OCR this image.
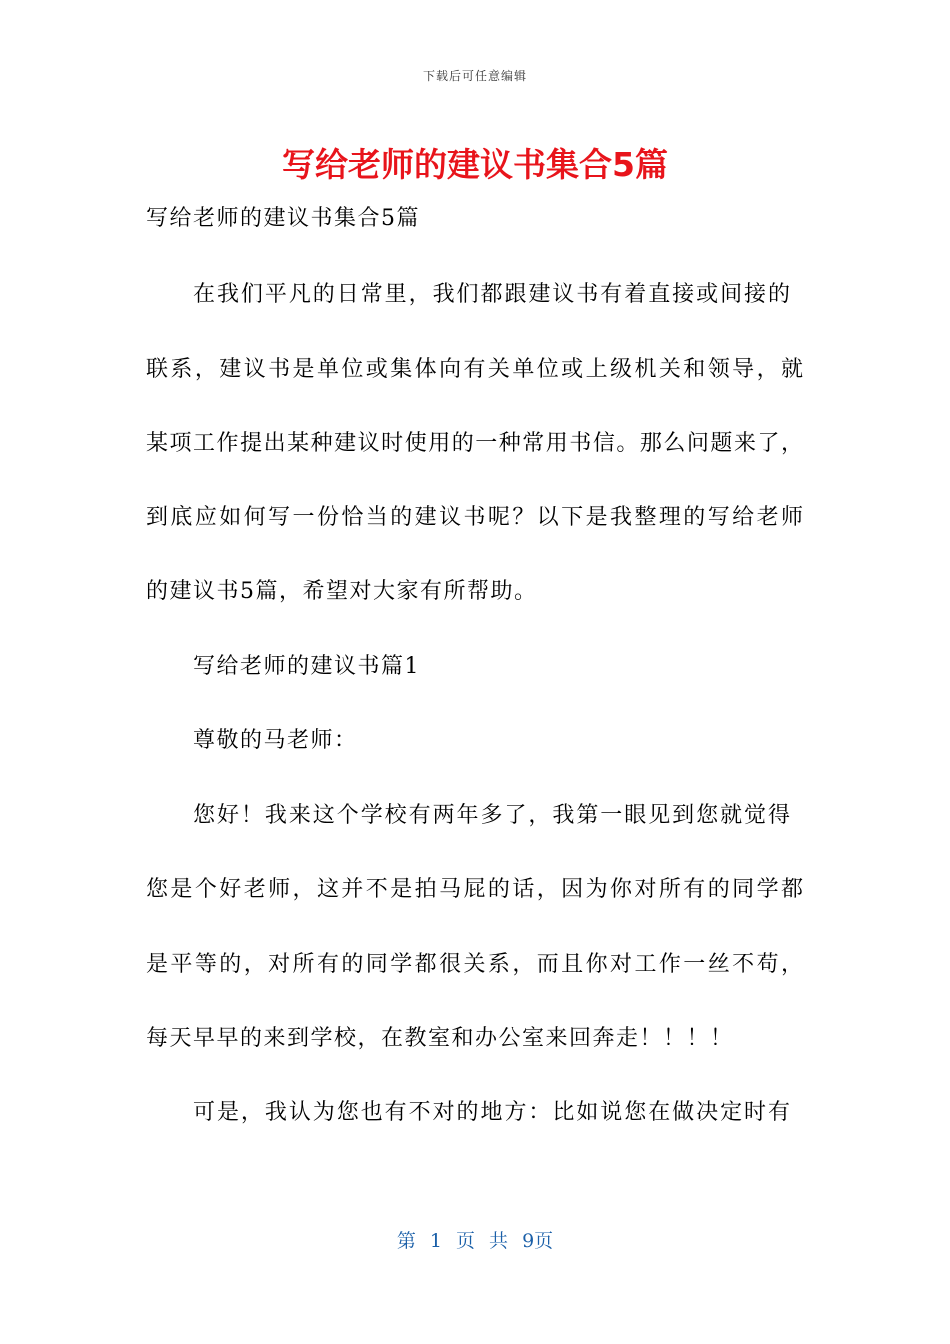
下载后可任意编辑
写给老师的建议书集合5篇
写给老师的建议书集合5篇
在我们平凡的日常里，我们都跟建议书有着直接或间接的
联系，建议书是单位或集体向有关单位或上级机关和领导，就
某项工作提出某种建议时使用的一种常用书信。那么问题来了，
到底应如何写一份恰当的建议书呢？以下是我整理的写给老师
的建议书5篇，希望对大家有所帮助。
写给老师的建议书篇1
尊敬的马老师：
您好！我来这个学校有两年多了，我第一眼见到您就觉得
您是个好老师，这并不是拍马屁的话，因为你对所有的同学都
是平等的，对所有的同学都很关系，而且你对工作一丝不苟，
每天早早的来到学校，在教室和办公室来回奔走！！！！
可是，我认为您也有不对的地方：比如说您在做决定时有
第 1 页 共 9页
